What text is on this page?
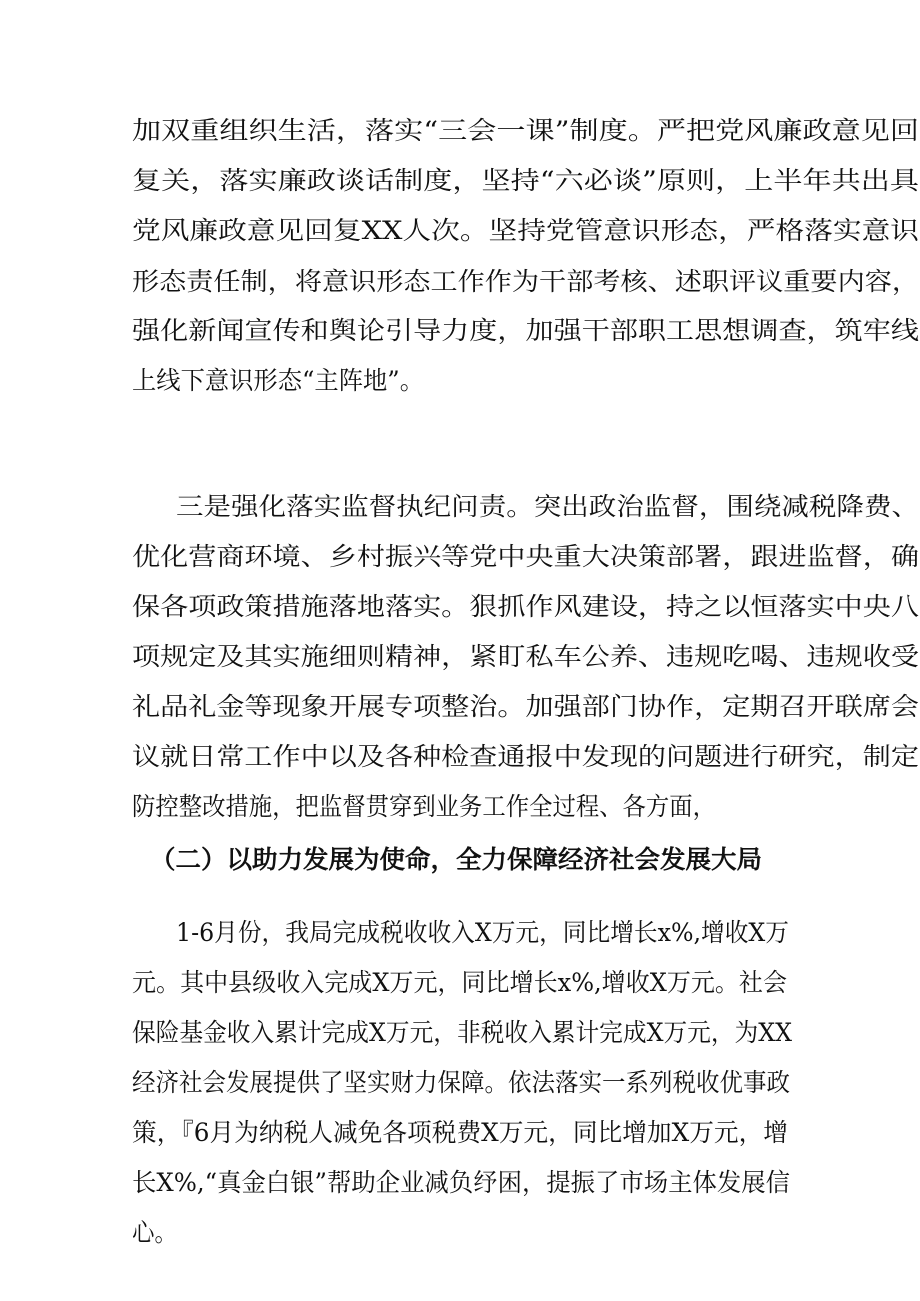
加双重组织生活，落实“三会一课”制度。严把党风廉政意见回
复关，落实廉政谈话制度，坚持“六必谈”原则，上半年共出具
党风廉政意见回复XX人次。坚持党管意识形态，严格落实意识
形态责任制，将意识形态工作作为干部考核、述职评议重要内容，
强化新闻宣传和舆论引导力度，加强干部职工思想调查，筑牢线
上线下意识形态“主阵地”。
三是强化落实监督执纪问责。突出政治监督，围绕减税降费、
优化营商环境、乡村振兴等党中央重大决策部署，跟进监督，确
保各项政策措施落地落实。狠抓作风建设，持之以恒落实中央八
项规定及其实施细则精神，紧盯私车公养、违规吃喝、违规收受
礼品礼金等现象开展专项整治。加强部门协作，定期召开联席会
议就日常工作中以及各种检查通报中发现的问题进行研究，制定
防控整改措施，把监督贯穿到业务工作全过程、各方面，
（二）以助力发展为使命，全力保障经济社会发展大局
1-6月份，我局完成税收收入X万元，同比增长x%,增收X万
元。其中县级收入完成X万元，同比增长x%,增收X万元。社会
保险基金收入累计完成X万元，非税收入累计完成X万元，为XX
经济社会发展提供了坚实财力保障。依法落实一系列税收优事政
策，『6月为纳税人减免各项税费X万元，同比增加X万元，增
长X%,“真金白银”帮助企业减负纾困，提振了市场主体发展信
心。
